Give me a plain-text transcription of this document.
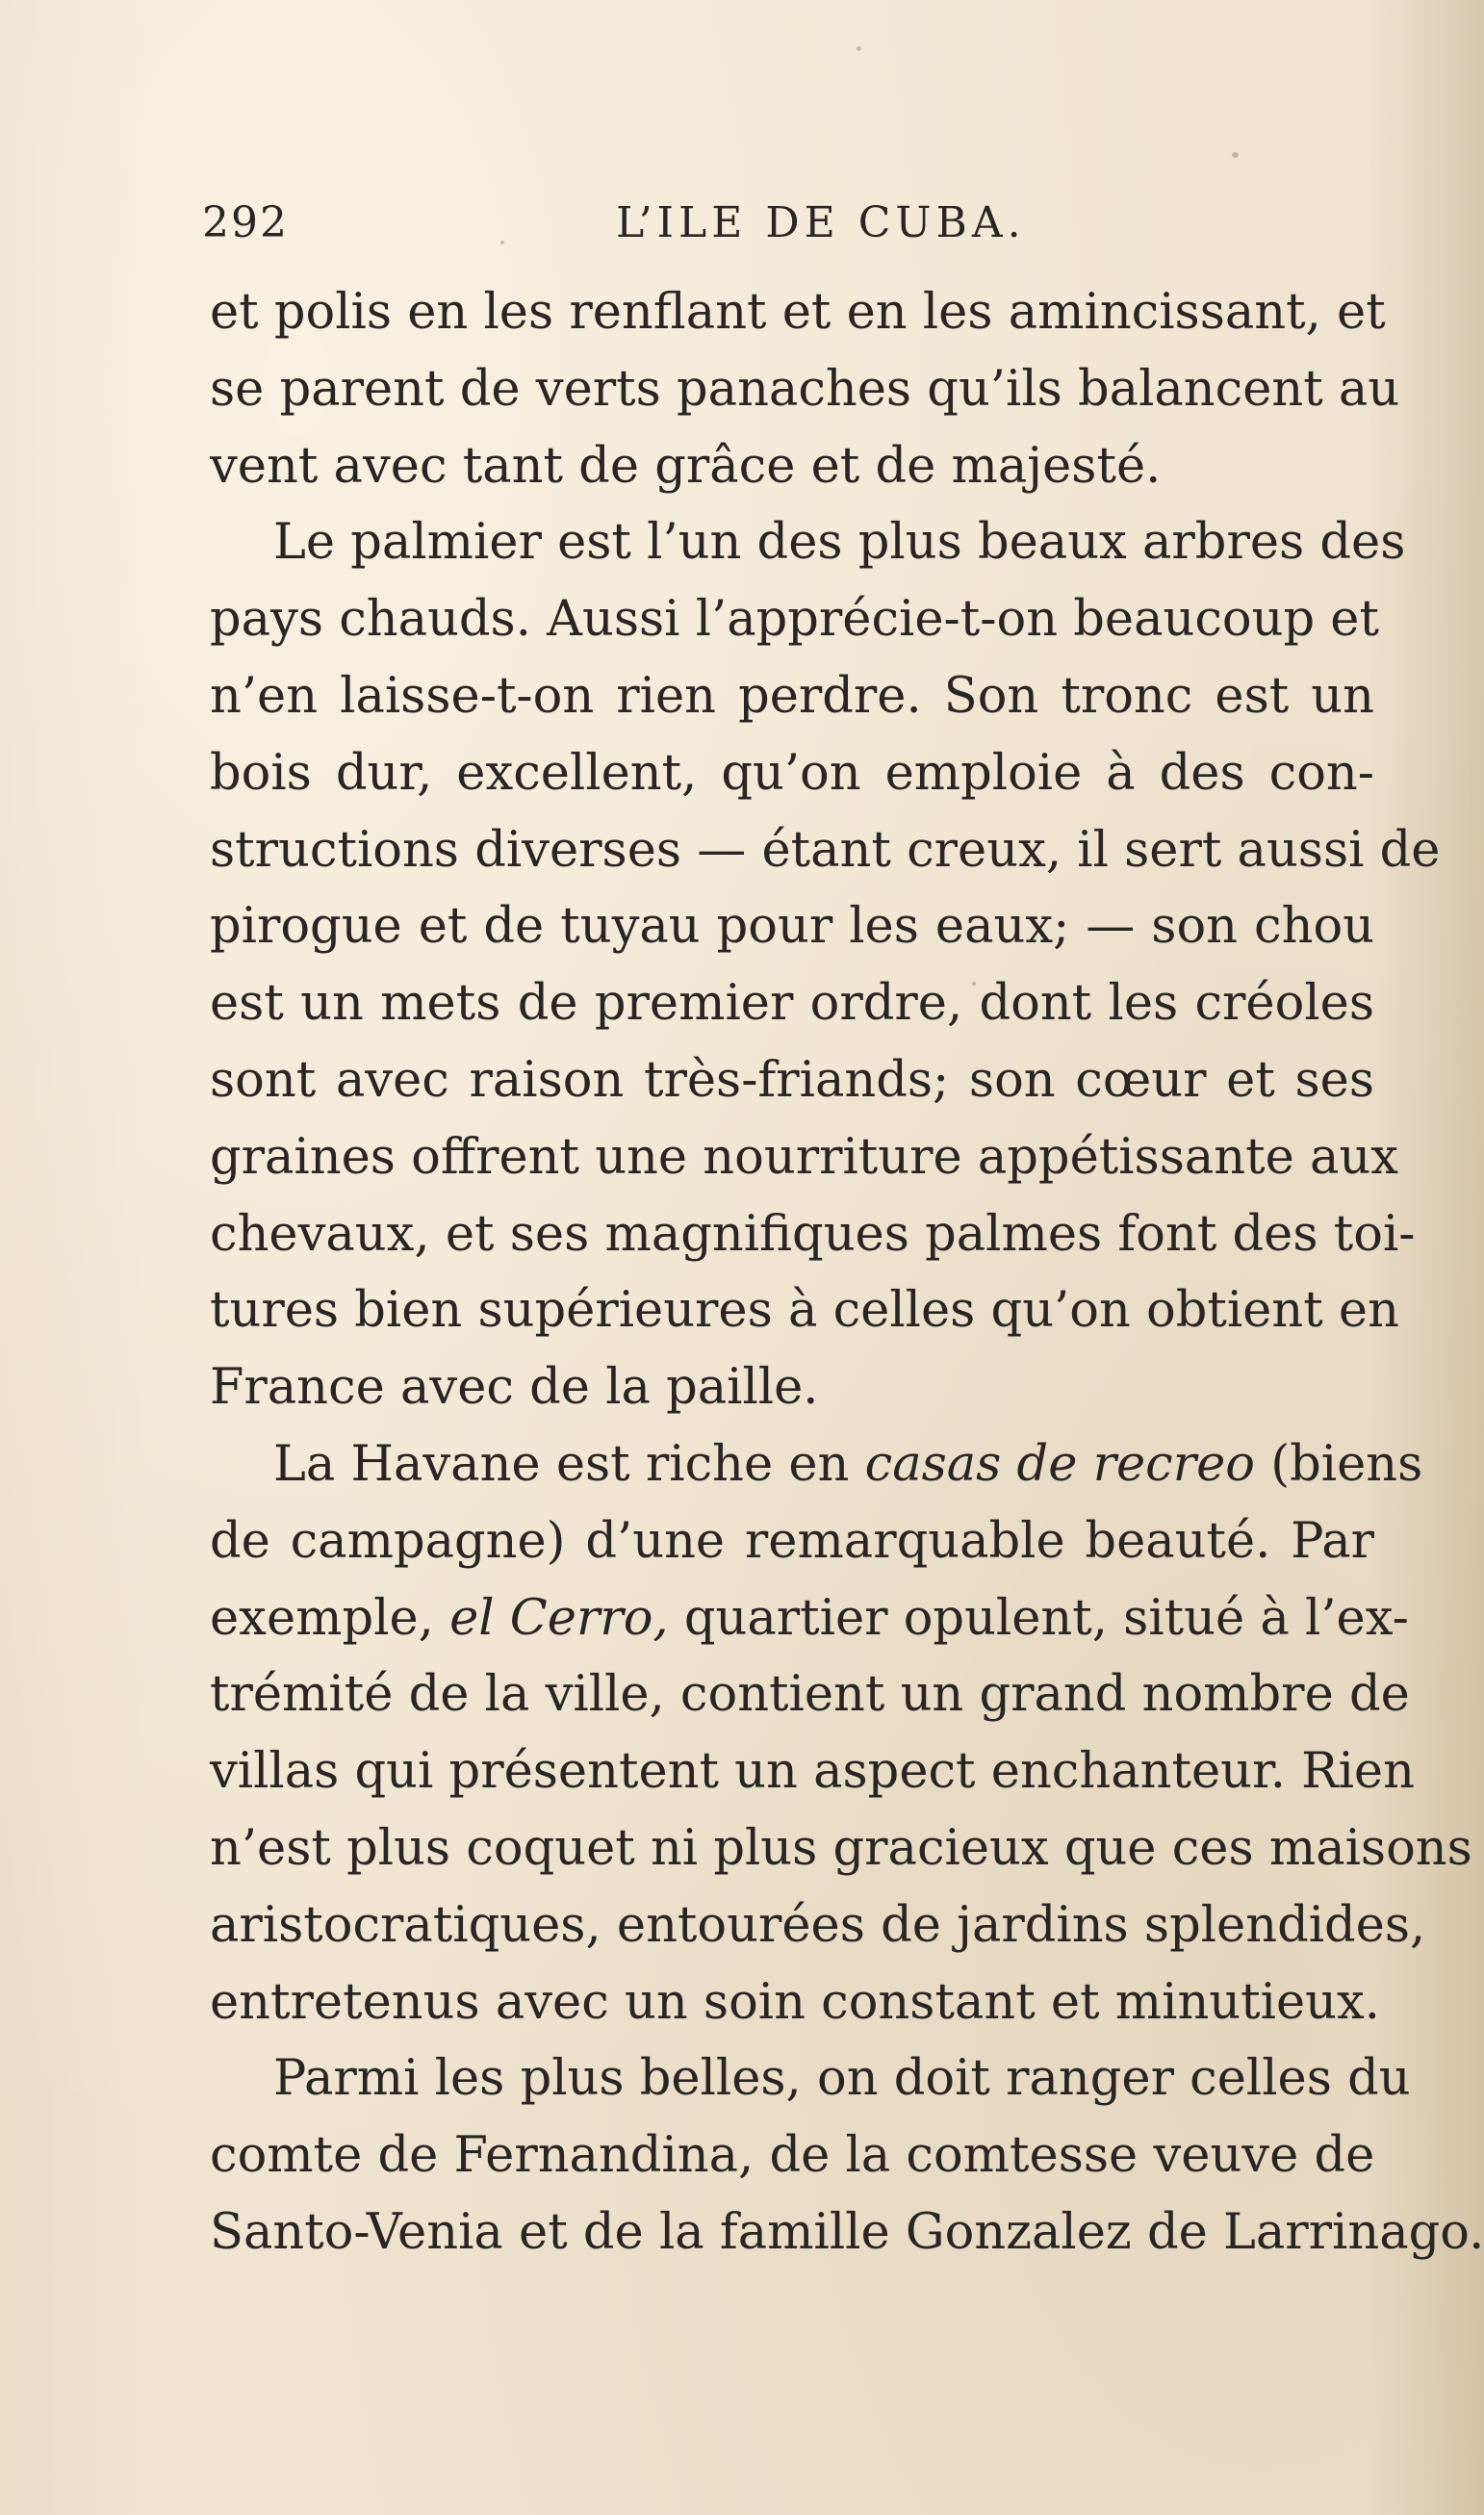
292	L’ILE DE CUBA.
et polis en les renflant et en les amincissant, et
se parent de verts panaches qu’ils balancent au
vent avec tant de grâce et de majesté.
Le palmier est l’un des plus beaux arbres des
pays chauds. Aussi l’apprécie-t-on beaucoup et
n’en laisse-t-on rien perdre. Son tronc est un
bois dur, excellent, qu’on emploie à des con-
structions diverses — étant creux, il sert aussi de
pirogue et de tuyau pour les eaux; — son chou
est un mets de premier ordre, dont les créoles
sont avec raison très-friands; son cœur et ses
graines offrent une nourriture appétissante aux
chevaux, et ses magnifiques palmes font des toi-
tures bien supérieures à celles qu’on obtient en
France avec de la paille.
La Havane est riche en casas de recreo (biens
de campagne) d’une remarquable beauté. Par
exemple, el Cerro, quartier opulent, situé à l’ex-
trémité de la ville, contient un grand nombre de
villas qui présentent un aspect enchanteur. Rien
n’est plus coquet ni plus gracieux que ces maisons
aristocratiques, entourées de jardins splendides,
entretenus avec un soin constant et minutieux.
Parmi les plus belles, on doit ranger celles du
comte de Fernandina, de la comtesse veuve de
Santo-Venia et de la famille Gonzalez de Larrinago.
